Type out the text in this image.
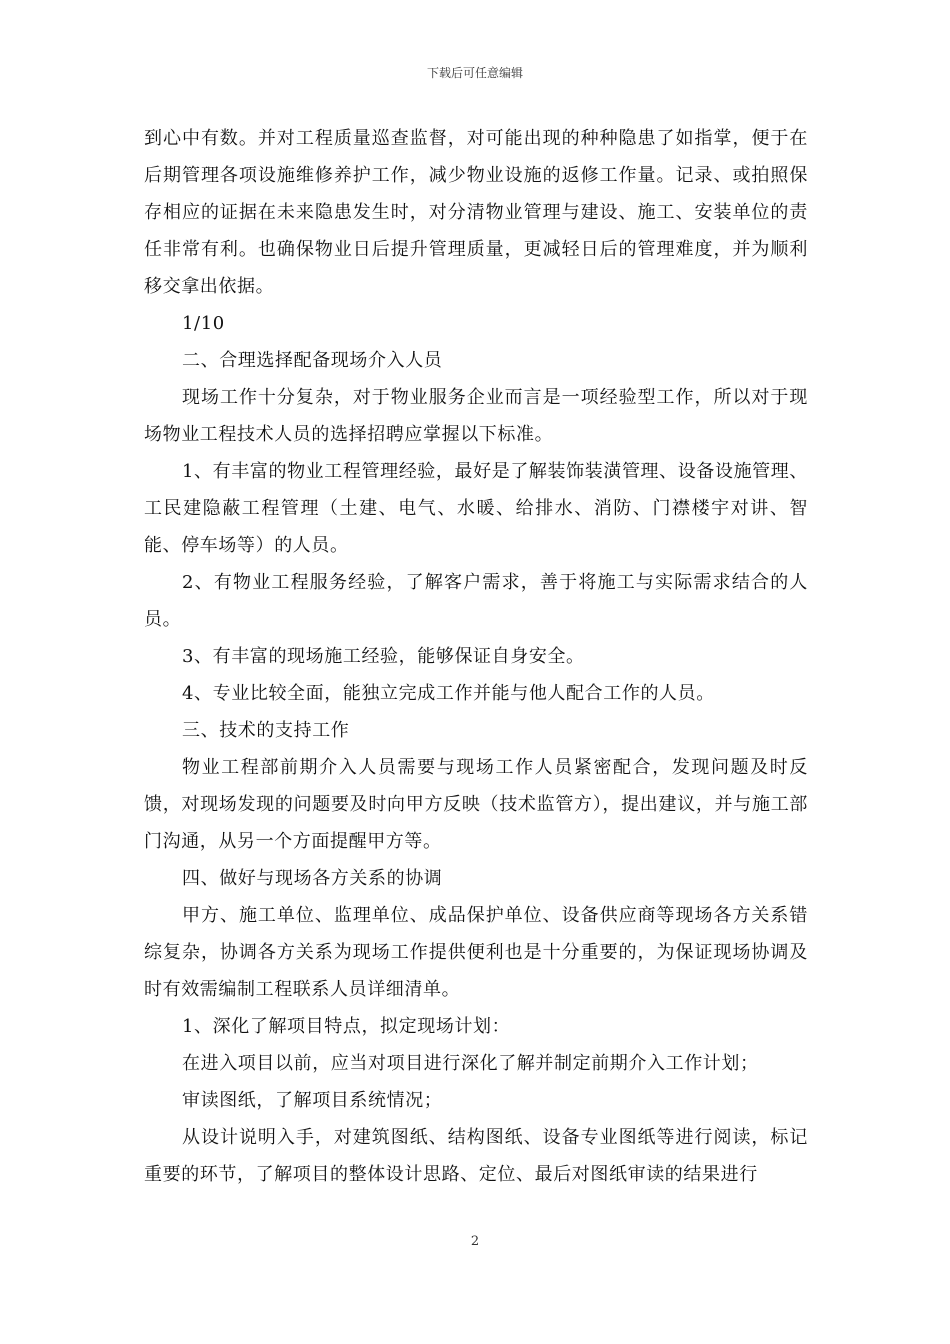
下载后可任意编辑

到心中有数。并对工程质量巡查监督，对可能出现的种种隐患了如指掌，便于在后期管理各项设施维修养护工作，减少物业设施的返修工作量。记录、或拍照保存相应的证据在未来隐患发生时，对分清物业管理与建设、施工、安装单位的责任非常有利。也确保物业日后提升管理质量，更减轻日后的管理难度，并为顺利移交拿出依据。

1/10

二、合理选择配备现场介入人员

现场工作十分复杂，对于物业服务企业而言是一项经验型工作，所以对于现场物业工程技术人员的选择招聘应掌握以下标准。

1、有丰富的物业工程管理经验，最好是了解装饰装潢管理、设备设施管理、工民建隐蔽工程管理（土建、电气、水暖、给排水、消防、门襟楼宇对讲、智能、停车场等）的人员。

2、有物业工程服务经验，了解客户需求，善于将施工与实际需求结合的人员。

3、有丰富的现场施工经验，能够保证自身安全。

4、专业比较全面，能独立完成工作并能与他人配合工作的人员。

三、技术的支持工作

物业工程部前期介入人员需要与现场工作人员紧密配合，发现问题及时反馈，对现场发现的问题要及时向甲方反映（技术监管方），提出建议，并与施工部门沟通，从另一个方面提醒甲方等。

四、做好与现场各方关系的协调

甲方、施工单位、监理单位、成品保护单位、设备供应商等现场各方关系错综复杂，协调各方关系为现场工作提供便利也是十分重要的，为保证现场协调及时有效需编制工程联系人员详细清单。

1、深化了解项目特点，拟定现场计划：

在进入项目以前，应当对项目进行深化了解并制定前期介入工作计划；

审读图纸，了解项目系统情况；

从设计说明入手，对建筑图纸、结构图纸、设备专业图纸等进行阅读，标记重要的环节，了解项目的整体设计思路、定位、最后对图纸审读的结果进行

2
